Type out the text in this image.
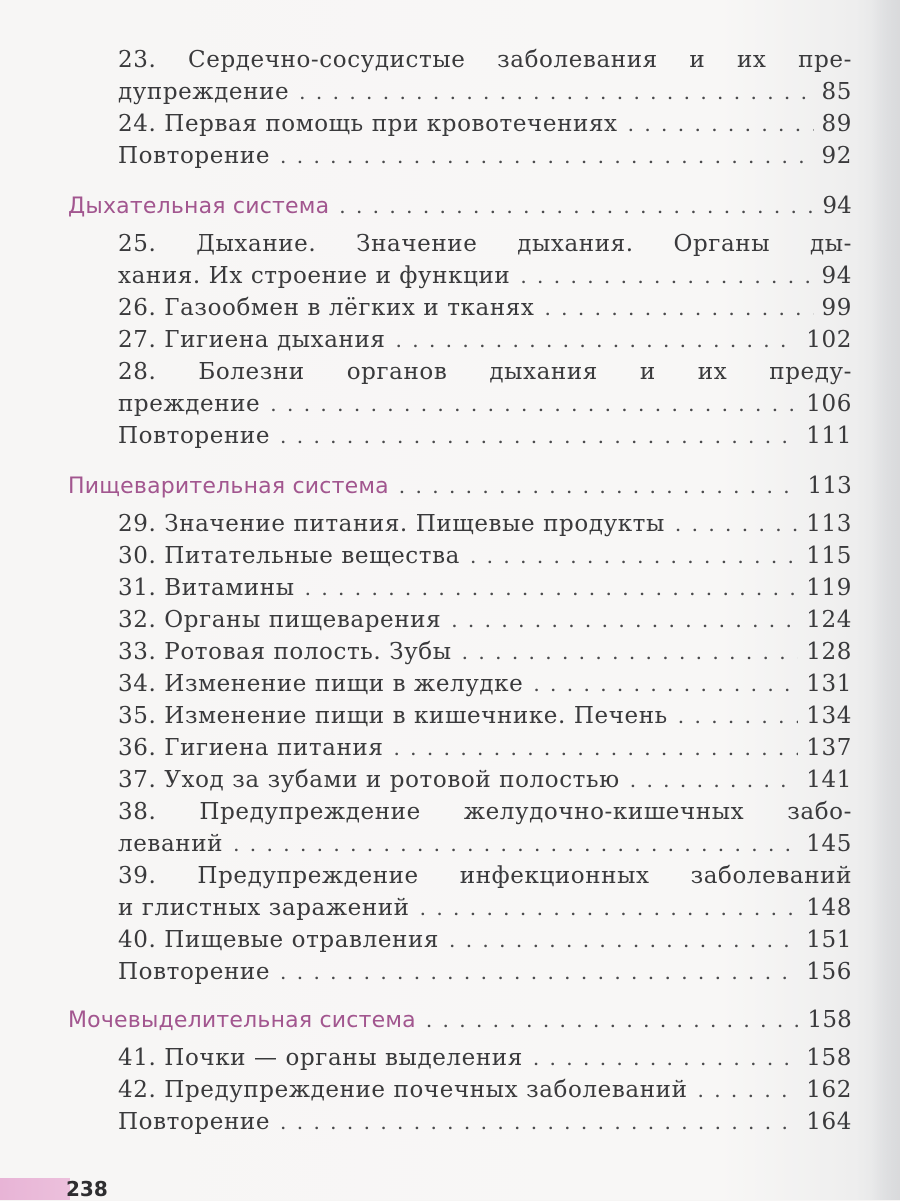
23. Сердечно-сосудистые заболевания и их пре-
дупреждение . . .	85
24. Первая помощь при кровотечениях . . .	89
Повторение . . .	92
Дыхательная система . . .	94
25. Дыхание. Значение дыхания. Органы ды-
хания. Их строение и функции . . .	94
26. Газообмен в лёгких и тканях . . .	99
27. Гигиена дыхания . . .	102
28. Болезни органов дыхания и их преду-
преждение . . .	106
Повторение . . .	111
Пищеварительная система . . .	113
29. Значение питания. Пищевые продукты . . .	113
30. Питательные вещества . . .	115
31. Витамины . . .	119
32. Органы пищеварения . . .	124
33. Ротовая полость. Зубы . . .	128
34. Изменение пищи в желудке . . .	131
35. Изменение пищи в кишечнике. Печень . . .	134
36. Гигиена питания . . .	137
37. Уход за зубами и ротовой полостью . . .	141
38. Предупреждение желудочно-кишечных забо-
леваний . . .	145
39. Предупреждение инфекционных заболеваний
и глистных заражений . . .	148
40. Пищевые отравления . . .	151
Повторение . . .	156
Мочевыделительная система . . .	158
41. Почки — органы выделения . . .	158
42. Предупреждение почечных заболеваний . . .	162
Повторение . . .	164
238
